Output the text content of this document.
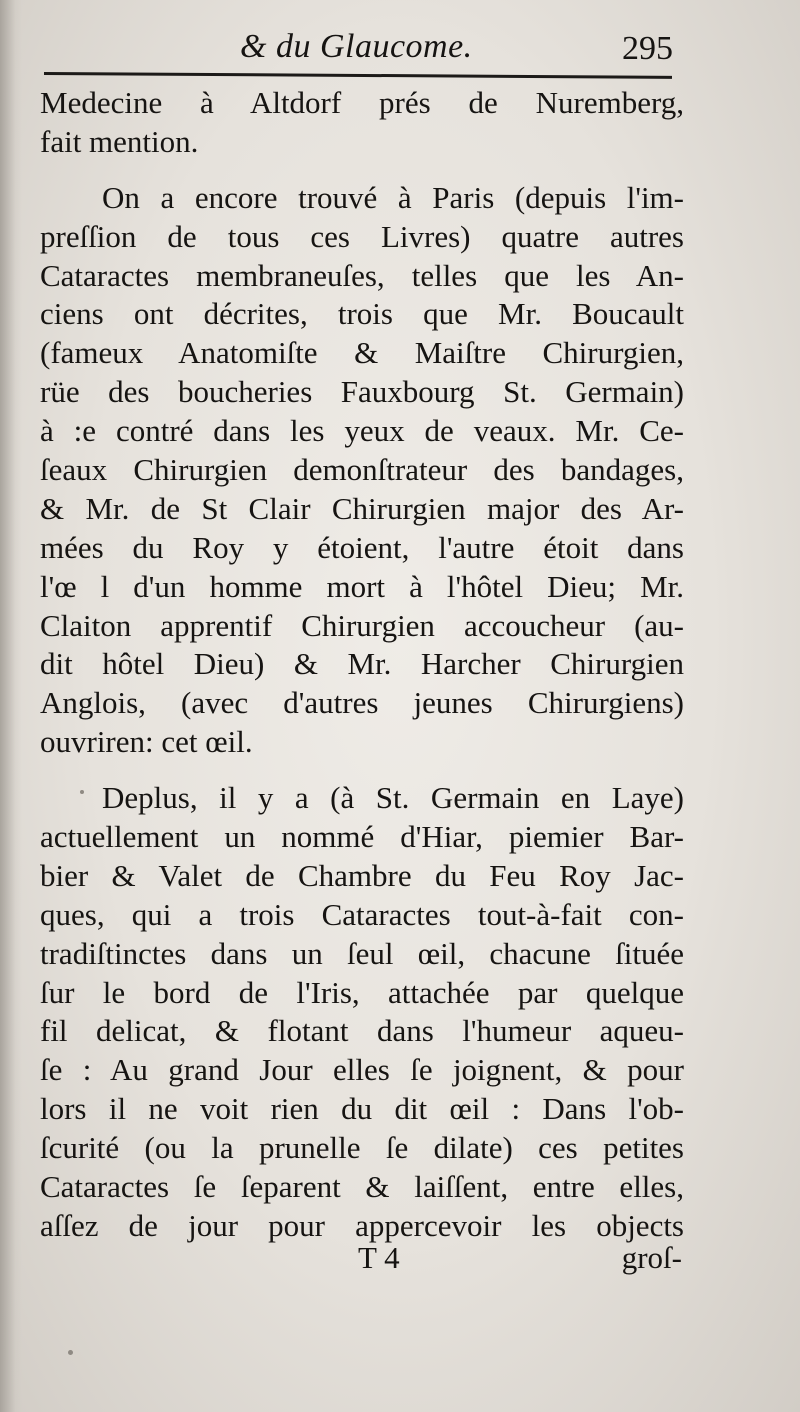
& du Glaucome.	295
Medecine à Altdorf prés de Nuremberg,
fait mention.
On a encore trouvé à Paris (depuis l'im-
preſſion de tous ces Livres) quatre autres
Cataractes membraneuſes, telles que les An-
ciens ont décrites, trois que Mr. Boucault
(fameux Anatomiſte & Maiſtre Chirurgien,
rüe des boucheries Fauxbourg St. Germain)
à :e contré dans les yeux de veaux. Mr. Ce-
ſeaux Chirurgien demonſtrateur des bandages,
& Mr. de St Clair Chirurgien major des Ar-
mées du Roy y étoient, l'autre étoit dans
l'œ l d'un homme mort à l'hôtel Dieu; Mr.
Claiton apprentif Chirurgien accoucheur (au-
dit hôtel Dieu) & Mr. Harcher Chirurgien
Anglois, (avec d'autres jeunes Chirurgiens)
ouvriren: cet œil.
Deplus, il y a (à St. Germain en Laye)
actuellement un nommé d'Hiar, piemier Bar-
bier & Valet de Chambre du Feu Roy Jac-
ques, qui a trois Cataractes tout-à-fait con-
tradiſtinctes dans un ſeul œil, chacune ſituée
ſur le bord de l'Iris, attachée par quelque
fil delicat, & flotant dans l'humeur aqueu-
ſe : Au grand Jour elles ſe joignent, & pour
lors il ne voit rien du dit œil : Dans l'ob-
ſcurité (ou la prunelle ſe dilate) ces petites
Cataractes ſe ſeparent & laiſſent, entre elles,
aſſez de jour pour appercevoir les objects
T 4	groſ-
